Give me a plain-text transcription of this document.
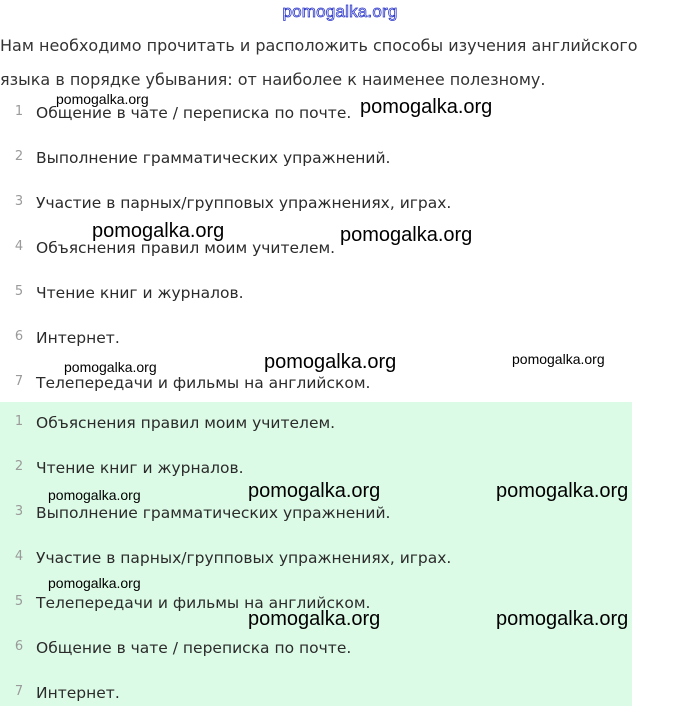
pomogalka.org
Нам необходимо прочитать и расположить способы изучения английского языка в порядке убывания: от наиболее к наименее полезному.
1 Общение в чате / переписка по почте.
2 Выполнение грамматических упражнений.
3 Участие в парных/групповых упражнениях, играх.
4 Объяснения правил моим учителем.
5 Чтение книг и журналов.
6 Интернет.
7 Телепередачи и фильмы на английском.
1 Объяснения правил моим учителем.
2 Чтение книг и журналов.
3 Выполнение грамматических упражнений.
4 Участие в парных/групповых упражнениях, играх.
5 Телепередачи и фильмы на английском.
6 Общение в чате / переписка по почте.
7 Интернет.
pomogalka.org	pomogalka.org
pomogalka.org	pomogalka.org
pomogalka.org	pomogalka.org	pomogalka.org
pomogalka.org	pomogalka.org	pomogalka.org
pomogalka.org
pomogalka.org	pomogalka.org
